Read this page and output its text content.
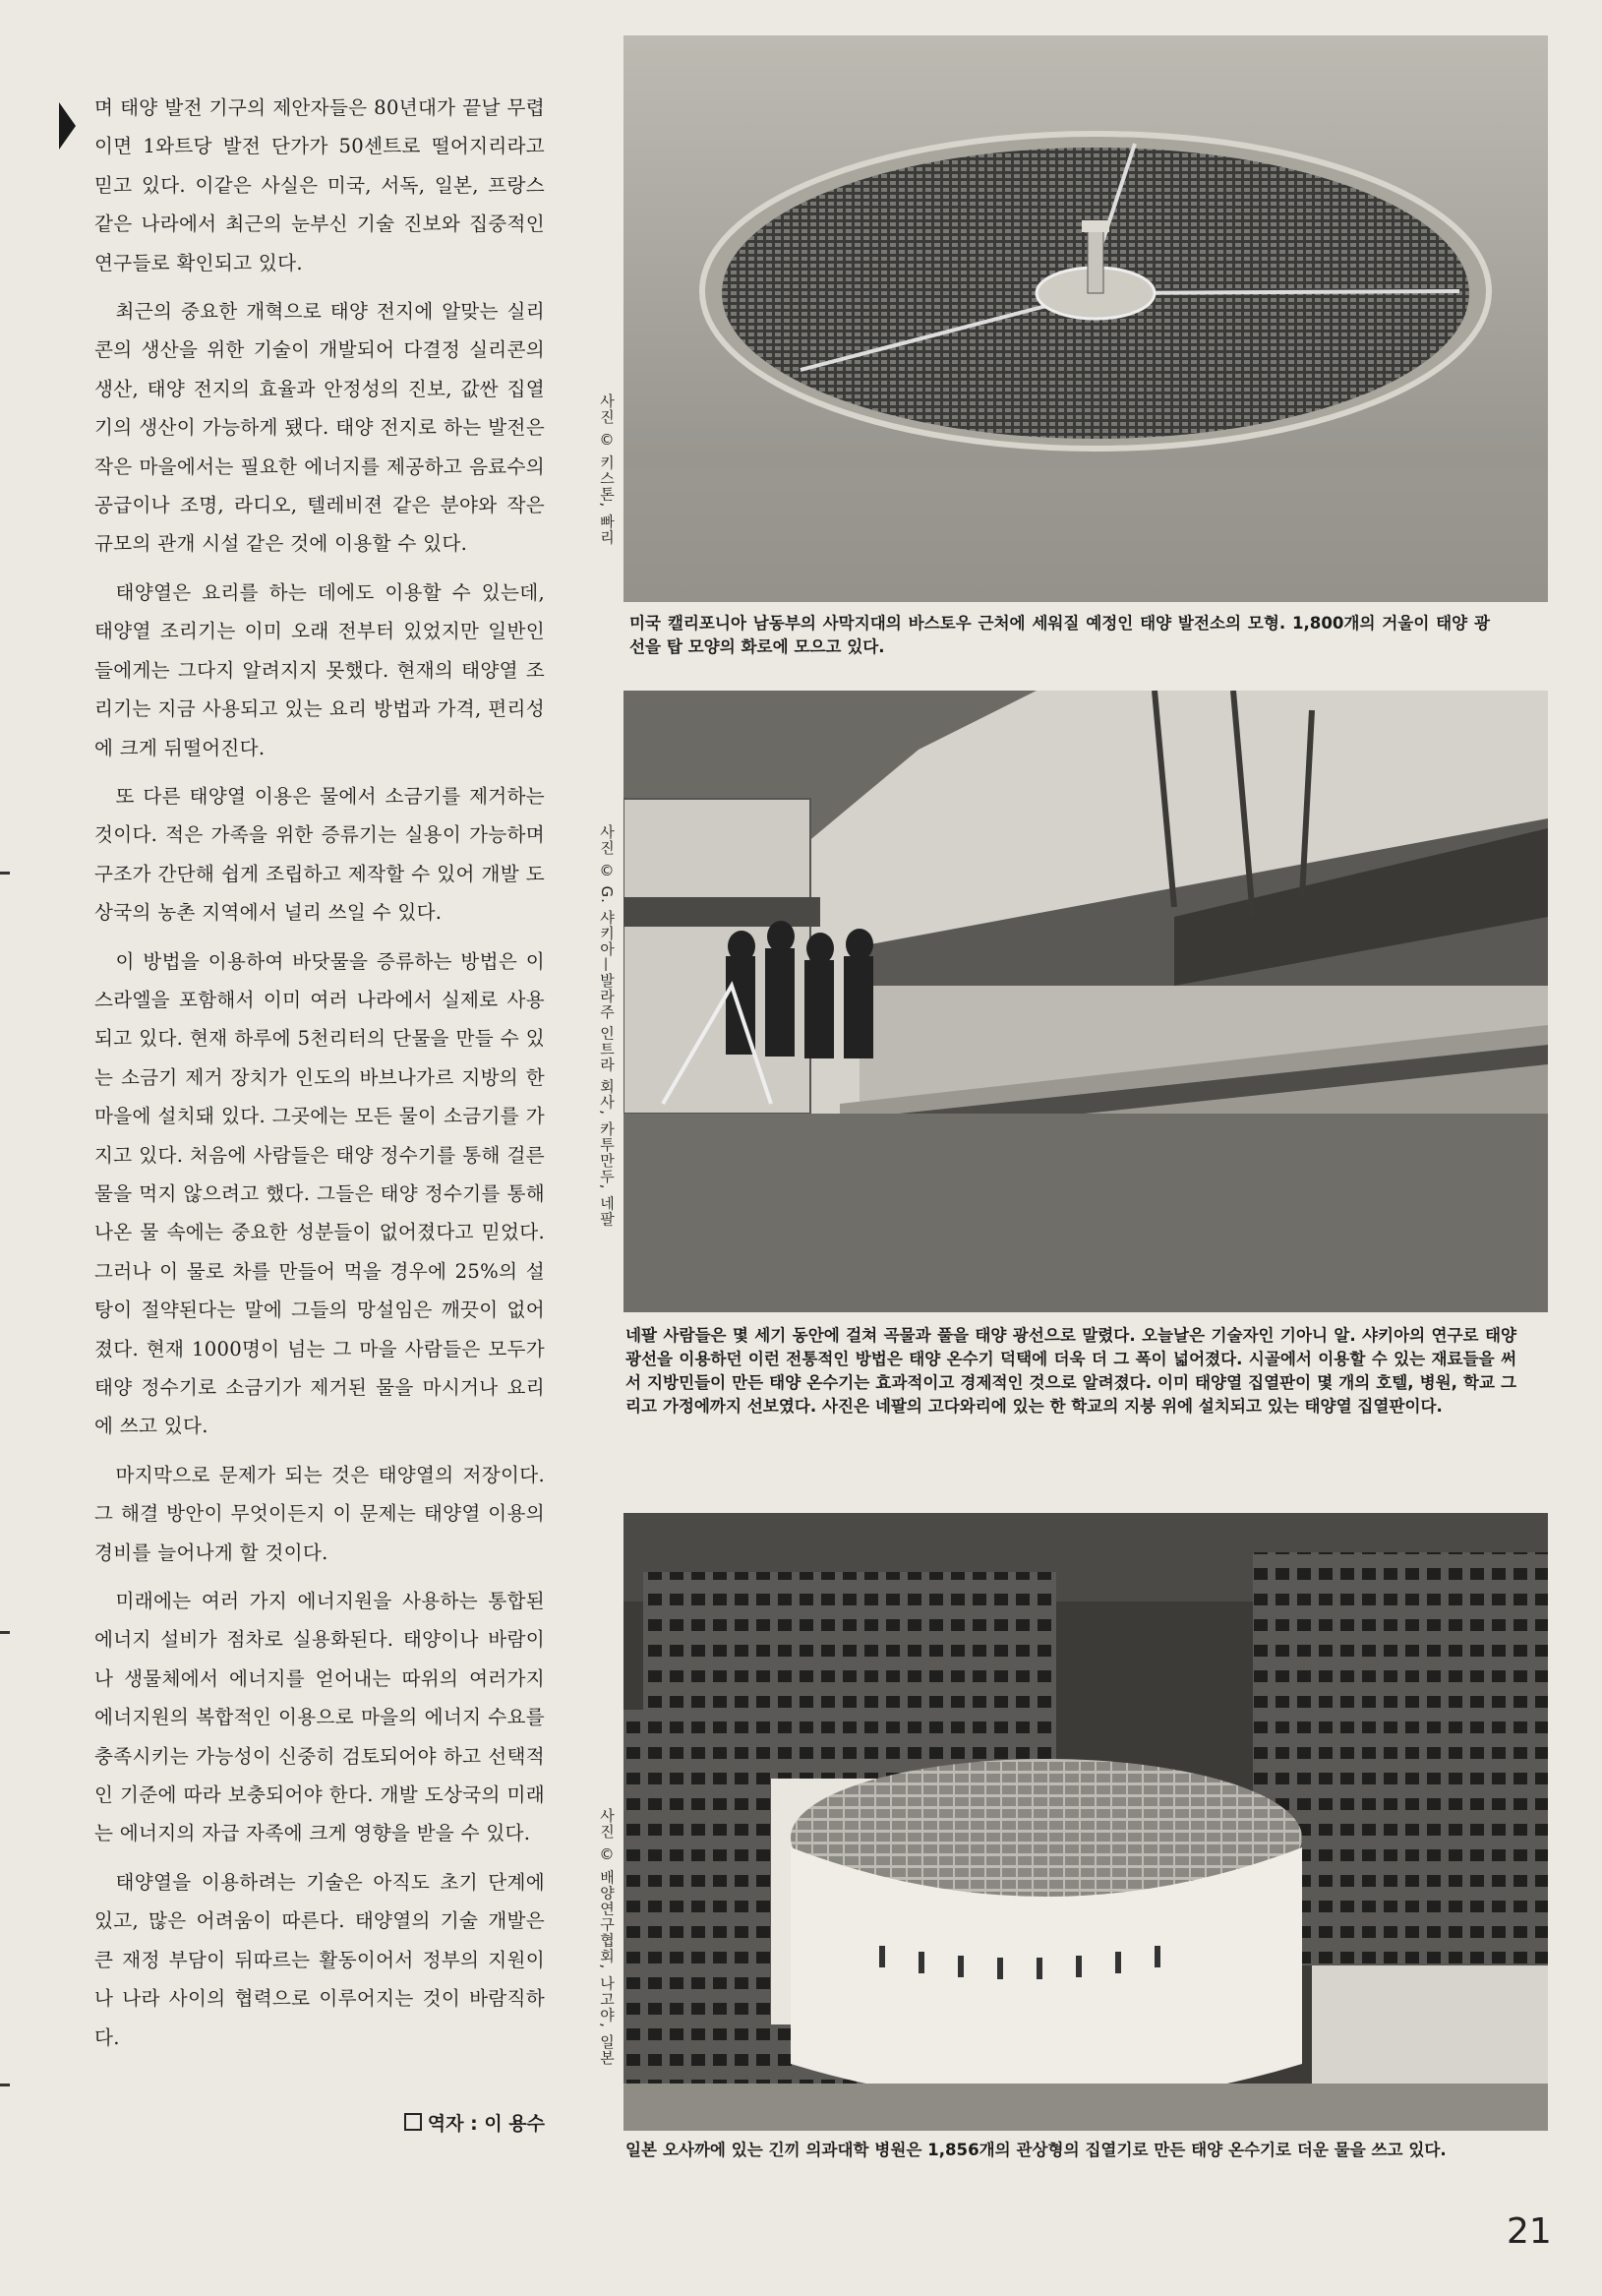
며 태양 발전 기구의 제안자들은 80년대가 끝날 무렵이면 1와트당 발전 단가가 50센트로 떨어지리라고 믿고 있다. 이같은 사실은 미국, 서독, 일본, 프랑스 같은 나라에서 최근의 눈부신 기술 진보와 집중적인 연구들로 확인되고 있다.

최근의 중요한 개혁으로 태양 전지에 알맞는 실리콘의 생산을 위한 기술이 개발되어 다결정 실리콘의 생산, 태양 전지의 효율과 안정성의 진보, 값싼 집열기의 생산이 가능하게 됐다. 태양 전지로 하는 발전은 작은 마을에서는 필요한 에너지를 제공하고 음료수의 공급이나 조명, 라디오, 텔레비젼 같은 분야와 작은 규모의 관개 시설 같은 것에 이용할 수 있다.

태양열은 요리를 하는 데에도 이용할 수 있는데, 태양열 조리기는 이미 오래 전부터 있었지만 일반인들에게는 그다지 알려지지 못했다. 현재의 태양열 조리기는 지금 사용되고 있는 요리 방법과 가격, 편리성에 크게 뒤떨어진다.

또 다른 태양열 이용은 물에서 소금기를 제거하는 것이다. 적은 가족을 위한 증류기는 실용이 가능하며 구조가 간단해 쉽게 조립하고 제작할 수 있어 개발 도상국의 농촌 지역에서 널리 쓰일 수 있다.

이 방법을 이용하여 바닷물을 증류하는 방법은 이스라엘을 포함해서 이미 여러 나라에서 실제로 사용되고 있다. 현재 하루에 5천리터의 단물을 만들 수 있는 소금기 제거 장치가 인도의 바브나가르 지방의 한 마을에 설치돼 있다. 그곳에는 모든 물이 소금기를 가지고 있다. 처음에 사람들은 태양 정수기를 통해 걸른 물을 먹지 않으려고 했다. 그들은 태양 정수기를 통해 나온 물 속에는 중요한 성분들이 없어졌다고 믿었다. 그러나 이 물로 차를 만들어 먹을 경우에 25%의 설탕이 절약된다는 말에 그들의 망설임은 깨끗이 없어졌다. 현재 1000명이 넘는 그 마을 사람들은 모두가 태양 정수기로 소금기가 제거된 물을 마시거나 요리에 쓰고 있다.

마지막으로 문제가 되는 것은 태양열의 저장이다. 그 해결 방안이 무엇이든지 이 문제는 태양열 이용의 경비를 늘어나게 할 것이다.

미래에는 여러 가지 에너지원을 사용하는 통합된 에너지 설비가 점차로 실용화된다. 태양이나 바람이나 생물체에서 에너지를 얻어내는 따위의 여러가지 에너지원의 복합적인 이용으로 마을의 에너지 수요를 충족시키는 가능성이 신중히 검토되어야 하고 선택적인 기준에 따라 보충되어야 한다. 개발 도상국의 미래는 에너지의 자급 자족에 크게 영향을 받을 수 있다.

태양열을 이용하려는 기술은 아직도 초기 단계에 있고, 많은 어려움이 따른다. 태양열의 기술 개발은 큰 재정 부담이 뒤따르는 활동이어서 정부의 지원이나 나라 사이의 협력으로 이루어지는 것이 바람직하다.

역자 : 이 용수
사진 © 키스톤, 빠리
미국 캘리포니아 남동부의 사막지대의 바스토우 근처에 세워질 예정인 태양 발전소의 모형. 1,800개의 거울이 태양 광선을 탑 모양의 화로에 모으고 있다.
사진 © G. 샤키아—발라주 인트라 회사, 카투만두, 네팔
네팔 사람들은 몇 세기 동안에 걸쳐 곡물과 풀을 태양 광선으로 말렸다. 오늘날은 기술자인 기아니 알. 샤키아의 연구로 태양 광선을 이용하던 이런 전통적인 방법은 태양 온수기 덕택에 더욱 더 그 폭이 넓어졌다. 시골에서 이용할 수 있는 재료들을 써서 지방민들이 만든 태양 온수기는 효과적이고 경제적인 것으로 알려졌다. 이미 태양열 집열판이 몇 개의 호텔, 병원, 학교 그리고 가정에까지 선보였다. 사진은 네팔의 고다와리에 있는 한 학교의 지붕 위에 설치되고 있는 태양열 집열판이다.
사진 © 배양연구협회, 나고야, 일본
일본 오사까에 있는 긴끼 의과대학 병원은 1,856개의 관상형의 집열기로 만든 태양 온수기로 더운 물을 쓰고 있다.
21
